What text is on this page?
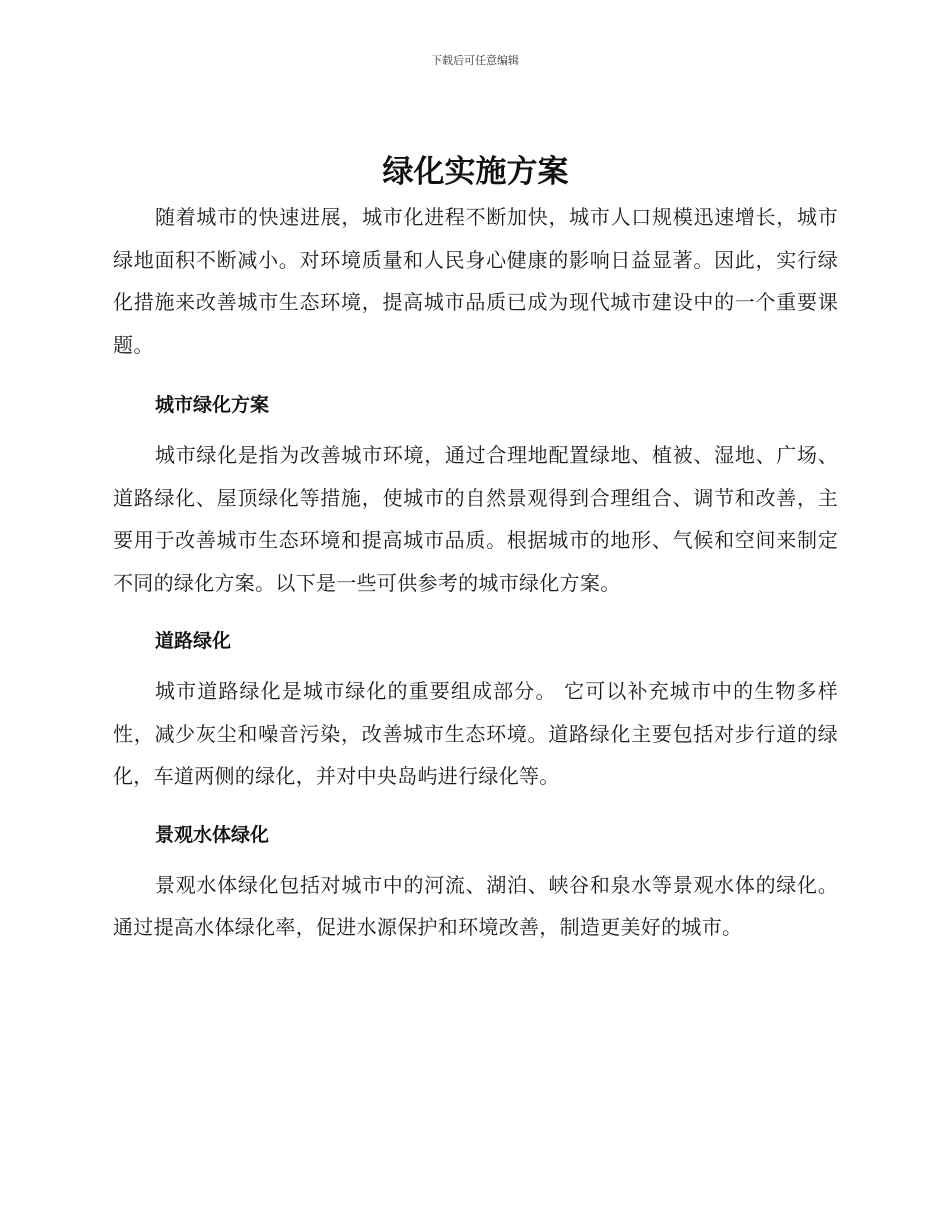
下载后可任意编辑
绿化实施方案

随着城市的快速进展，城市化进程不断加快，城市人口规模迅速增长，城市绿地面积不断减小。对环境质量和人民身心健康的影响日益显著。因此，实行绿化措施来改善城市生态环境，提高城市品质已成为现代城市建设中的一个重要课题。

城市绿化方案

城市绿化是指为改善城市环境，通过合理地配置绿地、植被、湿地、广场、道路绿化、屋顶绿化等措施，使城市的自然景观得到合理组合、调节和改善，主要用于改善城市生态环境和提高城市品质。根据城市的地形、气候和空间来制定不同的绿化方案。以下是一些可供参考的城市绿化方案。

道路绿化

城市道路绿化是城市绿化的重要组成部分。 它可以补充城市中的生物多样性，减少灰尘和噪音污染，改善城市生态环境。道路绿化主要包括对步行道的绿化，车道两侧的绿化，并对中央岛屿进行绿化等。

景观水体绿化

景观水体绿化包括对城市中的河流、湖泊、峡谷和泉水等景观水体的绿化。通过提高水体绿化率，促进水源保护和环境改善，制造更美好的城市。
